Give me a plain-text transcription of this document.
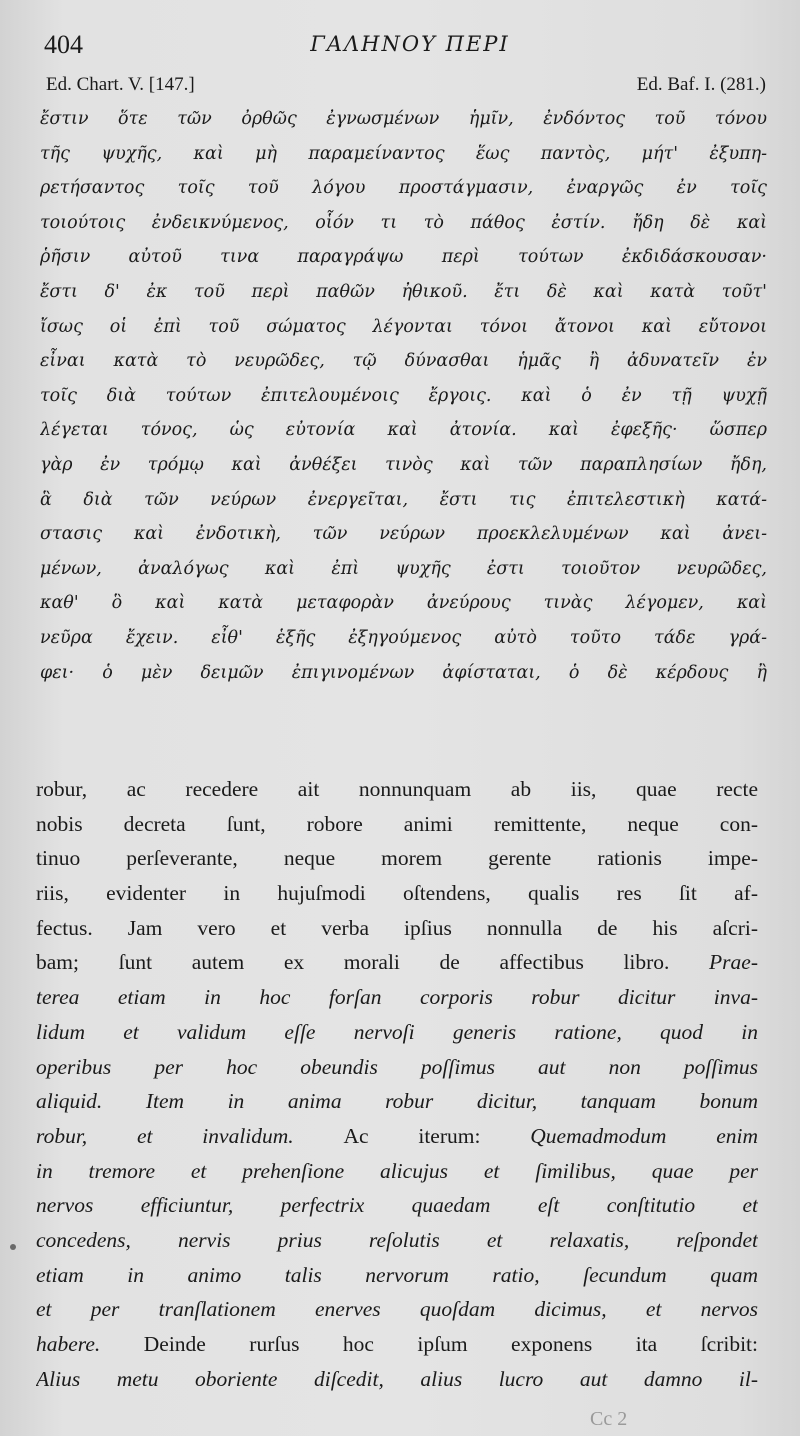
404	ΓΑΛΗΝΟΥ ΠΕΡΙ
Ed. Chart. V. [147.]	Ed. Baf. I. (281.)
ἔστιν ὅτε τῶν ὀρθῶς ἐγνωσμένων ἡμῖν, ἐνδόντος τοῦ τόνου
τῆς ψυχῆς, καὶ μὴ παραμείναντος ἕως παντὸς, μήτ' ἐξυπη-
ρετήσαντος τοῖς τοῦ λόγου προστάγμασιν, ἐναργῶς ἐν τοῖς
τοιούτοις ἐνδεικνύμενος, οἷόν τι τὸ πάθος ἐστίν. ἤδη δὲ καὶ
ῥῆσιν αὐτοῦ τινα παραγράψω περὶ τούτων ἐκδιδάσκουσαν·
ἔστι δ' ἐκ τοῦ περὶ παθῶν ἠθικοῦ. ἔτι δὲ καὶ κατὰ τοῦτ'
ἴσως οἱ ἐπὶ τοῦ σώματος λέγονται τόνοι ἄτονοι καὶ εὔτονοι
εἶναι κατὰ τὸ νευρῶδες, τῷ δύνασθαι ἡμᾶς ἢ ἀδυνατεῖν ἐν
τοῖς διὰ τούτων ἐπιτελουμένοις ἔργοις. καὶ ὁ ἐν τῇ ψυχῇ
λέγεται τόνος, ὡς εὐτονία καὶ ἀτονία. καὶ ἐφεξῆς· ὥσπερ
γὰρ ἐν τρόμῳ καὶ ἀνθέξει τινὸς καὶ τῶν παραπλησίων ἤδη,
ἃ διὰ τῶν νεύρων ἐνεργεῖται, ἔστι τις ἐπιτελεστικὴ κατά-
στασις καὶ ἐνδοτικὴ, τῶν νεύρων προεκλελυμένων καὶ ἀνει-
μένων, ἀναλόγως καὶ ἐπὶ ψυχῆς ἐστι τοιοῦτον νευρῶδες,
καθ' ὃ καὶ κατὰ μεταφορὰν ἀνεύρους τινὰς λέγομεν, καὶ
νεῦρα ἔχειν. εἶθ' ἑξῆς ἐξηγούμενος αὐτὸ τοῦτο τάδε γρά-
φει· ὁ μὲν δειμῶν ἐπιγινομένων ἀφίσταται, ὁ δὲ κέρδους ἢ
robur, ac recedere ait nonnunquam ab iis, quae recte
nobis decreta ſunt, robore animi remittente, neque con-
tinuo perſeverante, neque morem gerente rationis impe-
riis, evidenter in hujuſmodi oſtendens, qualis res ſit af-
fectus. Jam vero et verba ipſius nonnulla de his aſcri-
bam; ſunt autem ex morali de affectibus libro. Prae-
terea etiam in hoc forſan corporis robur dicitur inva-
lidum et validum eſſe nervoſi generis ratione, quod in
operibus per hoc obeundis poſſimus aut non poſſimus
aliquid. Item in anima robur dicitur, tanquam bonum
robur, et invalidum. Ac iterum: Quemadmodum enim
in tremore et prehenſione alicujus et ſimilibus, quae per
nervos efficiuntur, perfectrix quaedam eſt conſtitutio et
concedens, nervis prius reſolutis et relaxatis, reſpondet
etiam in animo talis nervorum ratio, ſecundum quam
et per tranſlationem enerves quoſdam dicimus, et nervos
habere. Deinde rurſus hoc ipſum exponens ita ſcribit:
Alius metu oboriente diſcedit, alius lucro aut damno il-
Cc 2
